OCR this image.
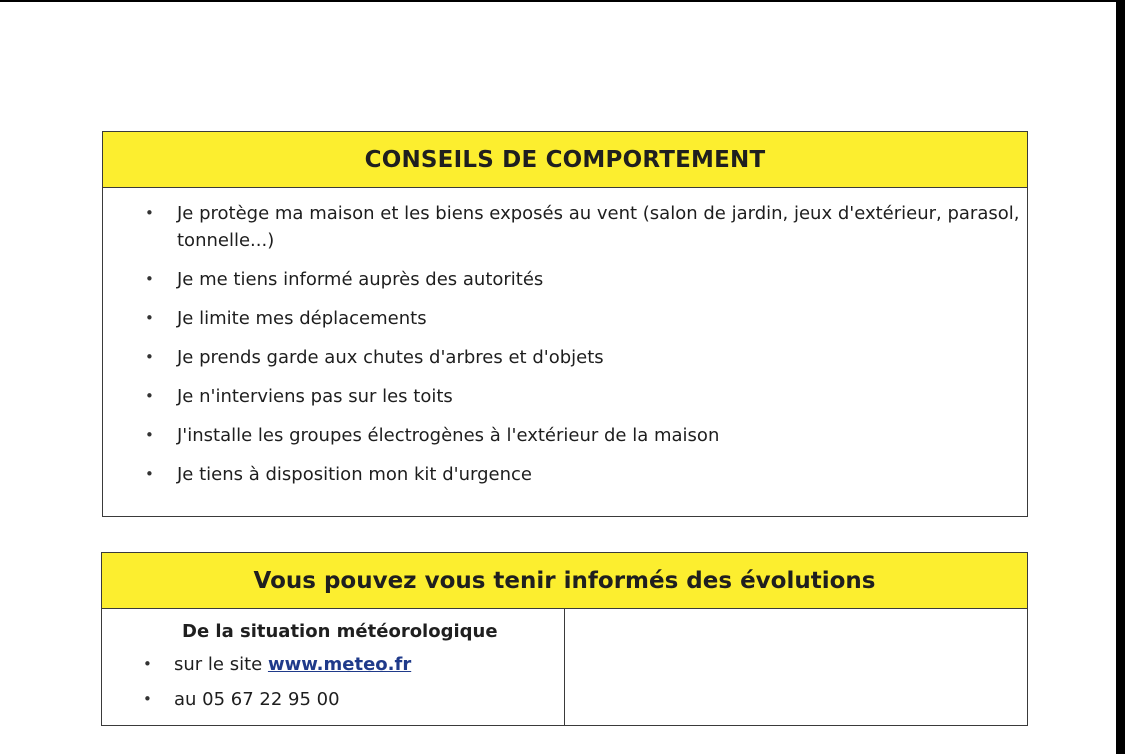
CONSEILS DE COMPORTEMENT
• Je protège ma maison et les biens exposés au vent (salon de jardin, jeux d'extérieur, parasol, tonnelle...)
• Je me tiens informé auprès des autorités
• Je limite mes déplacements
• Je prends garde aux chutes d'arbres et d'objets
• Je n'interviens pas sur les toits
• J'installe les groupes électrogènes à l'extérieur de la maison
• Je tiens à disposition mon kit d'urgence
Vous pouvez vous tenir informés des évolutions
De la situation météorologique
• sur le site www.meteo.fr
• au 05 67 22 95 00
